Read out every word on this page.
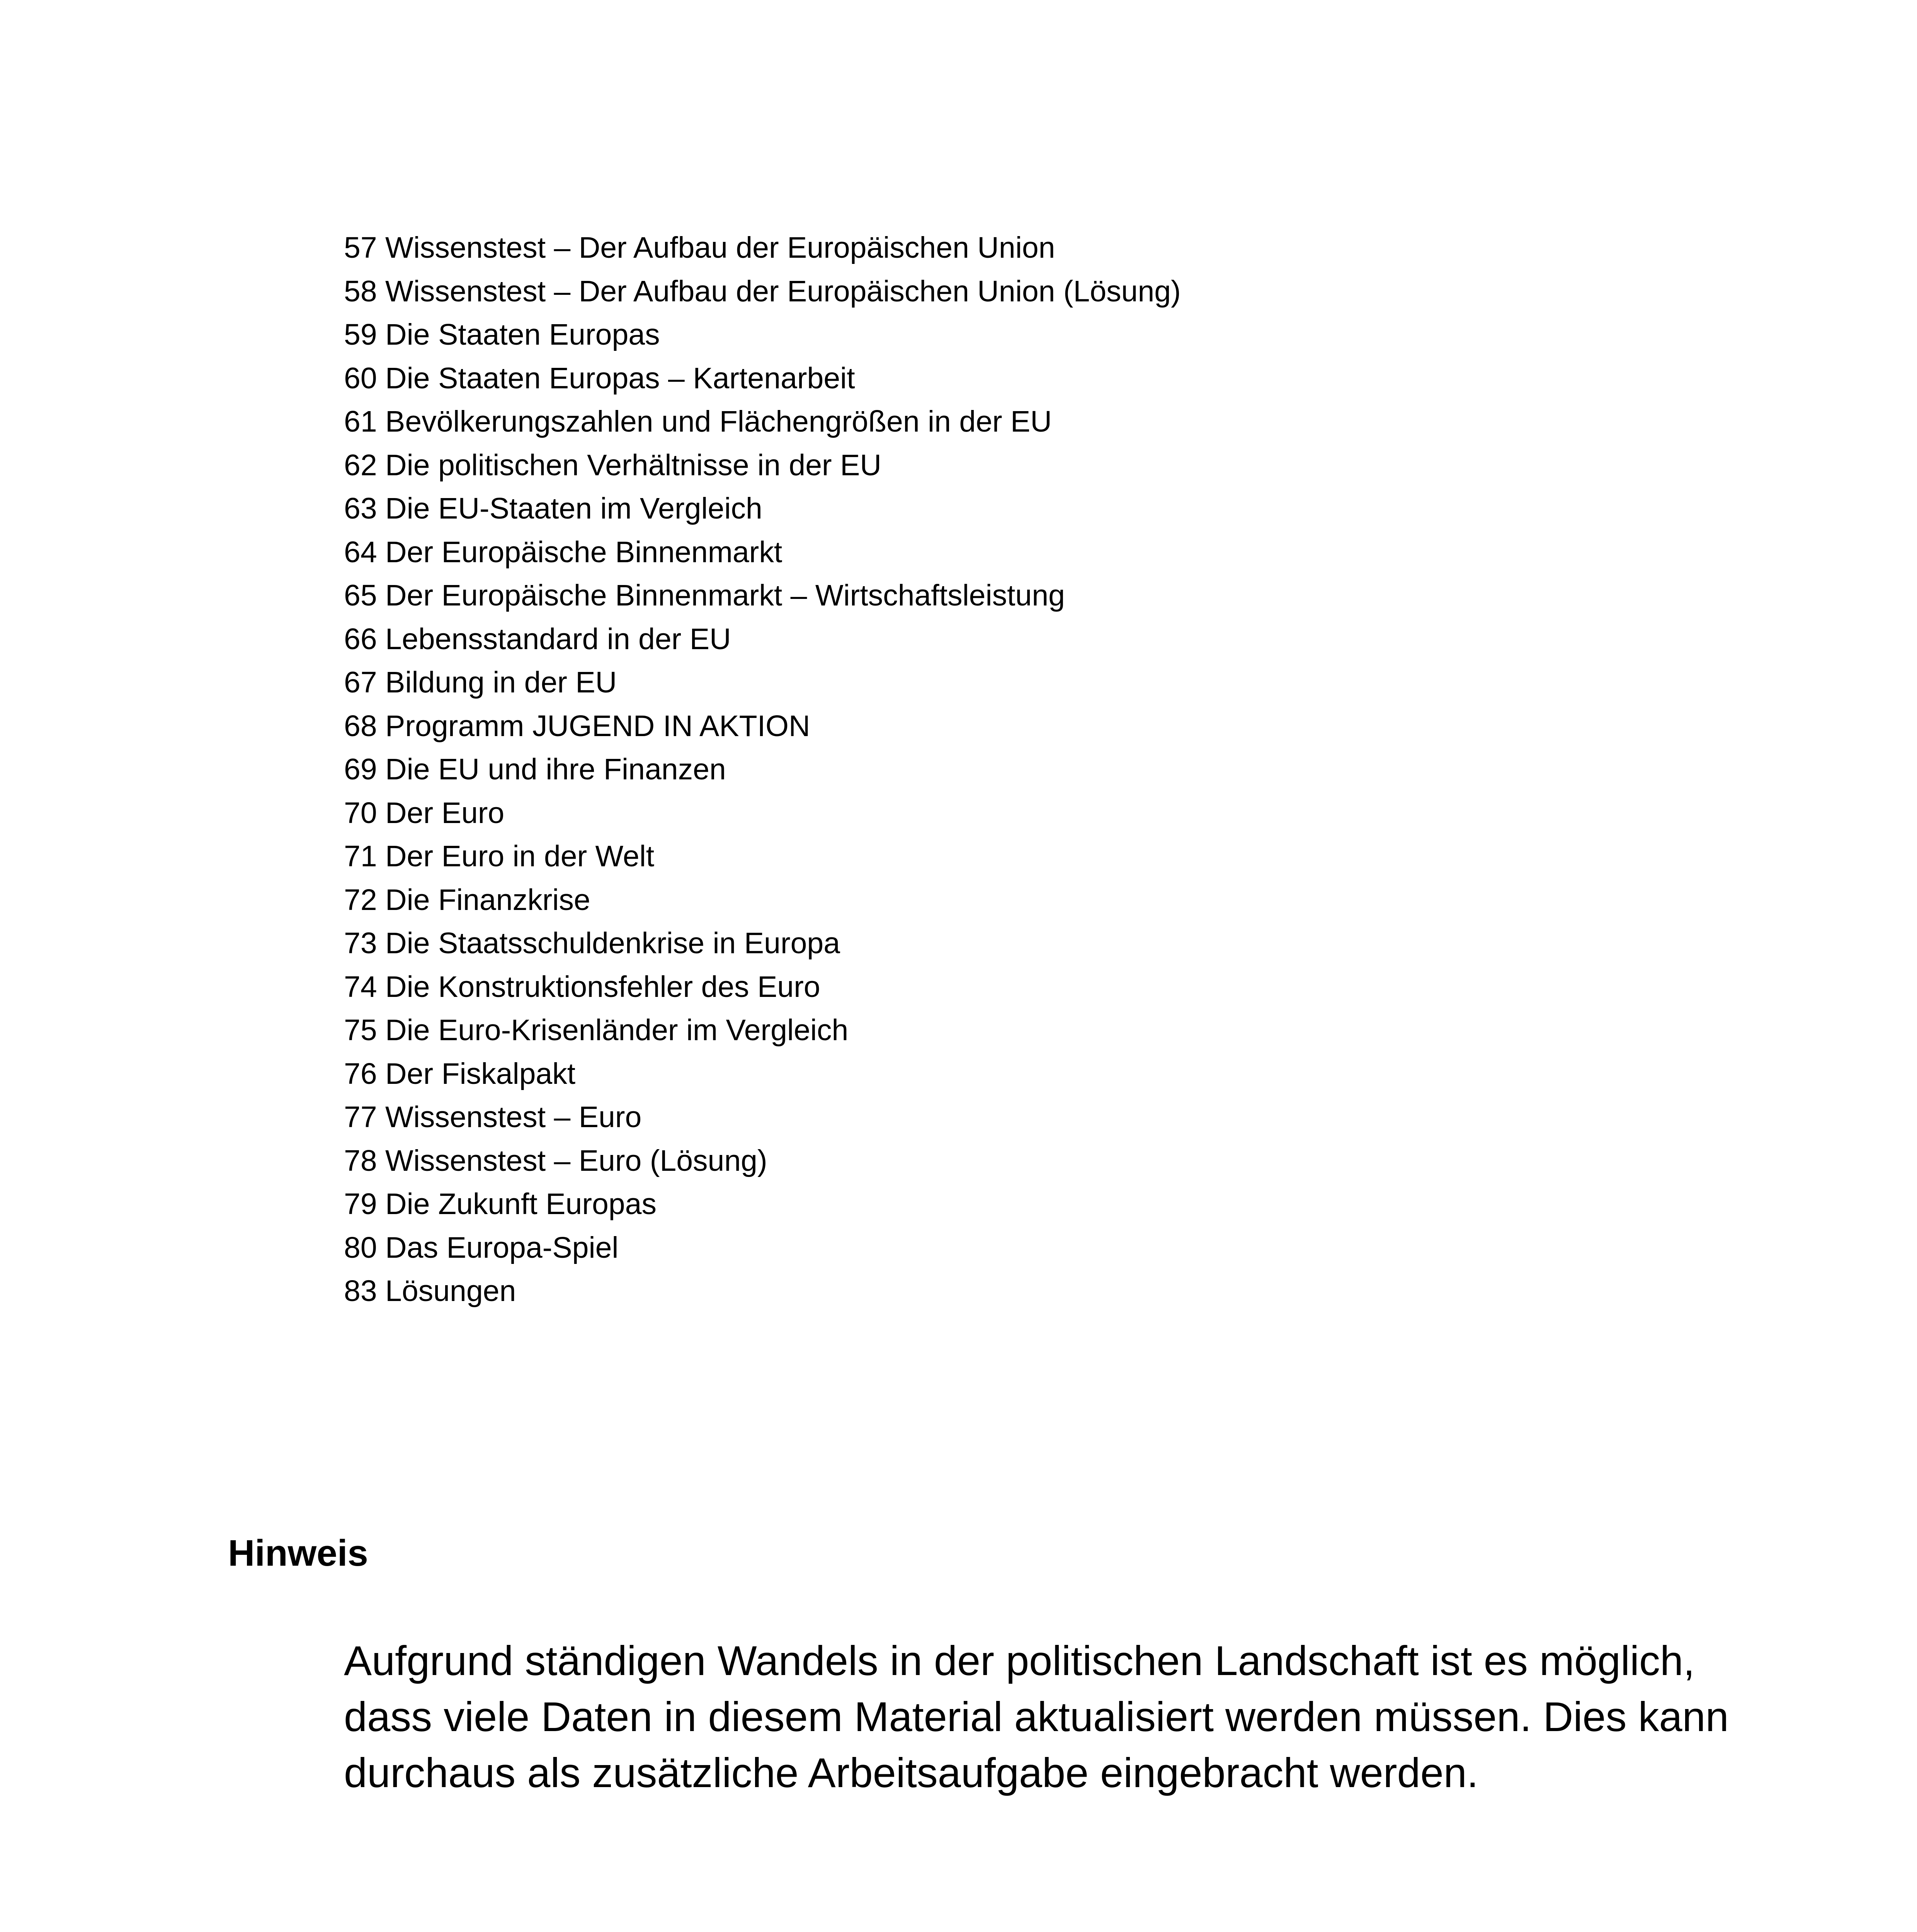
57 Wissenstest – Der Aufbau der Europäischen Union
58 Wissenstest – Der Aufbau der Europäischen Union (Lösung)
59 Die Staaten Europas
60 Die Staaten Europas – Kartenarbeit
61 Bevölkerungszahlen und Flächengrößen in der EU
62 Die politischen Verhältnisse in der EU
63 Die EU-Staaten im Vergleich
64 Der Europäische Binnenmarkt
65 Der Europäische Binnenmarkt – Wirtschaftsleistung
66 Lebensstandard in der EU
67 Bildung in der EU
68 Programm JUGEND IN AKTION
69 Die EU und ihre Finanzen
70 Der Euro
71 Der Euro in der Welt
72 Die Finanzkrise
73 Die Staatsschuldenkrise in Europa
74 Die Konstruktionsfehler des Euro
75 Die Euro-Krisenländer im Vergleich
76 Der Fiskalpakt
77 Wissenstest – Euro
78 Wissenstest – Euro (Lösung)
79 Die Zukunft Europas
80 Das Europa-Spiel
83 Lösungen
Hinweis

Aufgrund ständigen Wandels in der politischen Landschaft ist es möglich, dass viele Daten in diesem Material aktualisiert werden müssen. Dies kann durchaus als zusätzliche Arbeitsaufgabe eingebracht werden.
